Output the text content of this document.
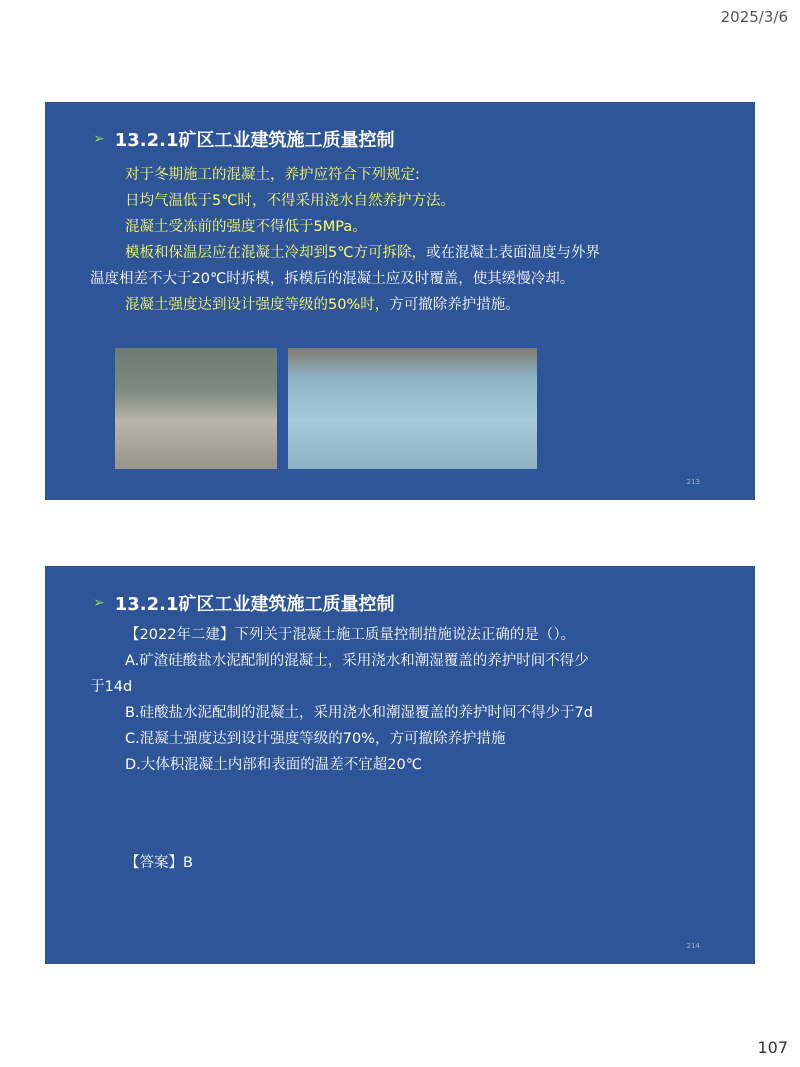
2025/3/6
➢ 13.2.1矿区工业建筑施工质量控制

对于冬期施工的混凝土，养护应符合下列规定:

日均气温低于5℃时，不得采用浇水自然养护方法。

混凝土受冻前的强度不得低于5MPa。

模板和保温层应在混凝土冷却到5℃方可拆除，或在混凝土表面温度与外界温度相差不大于20℃时拆模，拆模后的混凝土应及时覆盖，使其缓慢冷却。

混凝土强度达到设计强度等级的50%时，方可撤除养护措施。

213
➢ 13.2.1矿区工业建筑施工质量控制

【2022年二建】下列关于混凝土施工质量控制措施说法正确的是（）。

A.矿渣硅酸盐水泥配制的混凝士，采用浇水和潮湿覆盖的养护时间不得少于14d

B.硅酸盐水泥配制的混凝土，采用浇水和潮湿覆盖的养护时间不得少于7d

C.混凝土强度达到设计强度等级的70%，方可撤除养护措施

D.大体积混凝土内部和表面的温差不宜超20℃

【答案】B

214
107
